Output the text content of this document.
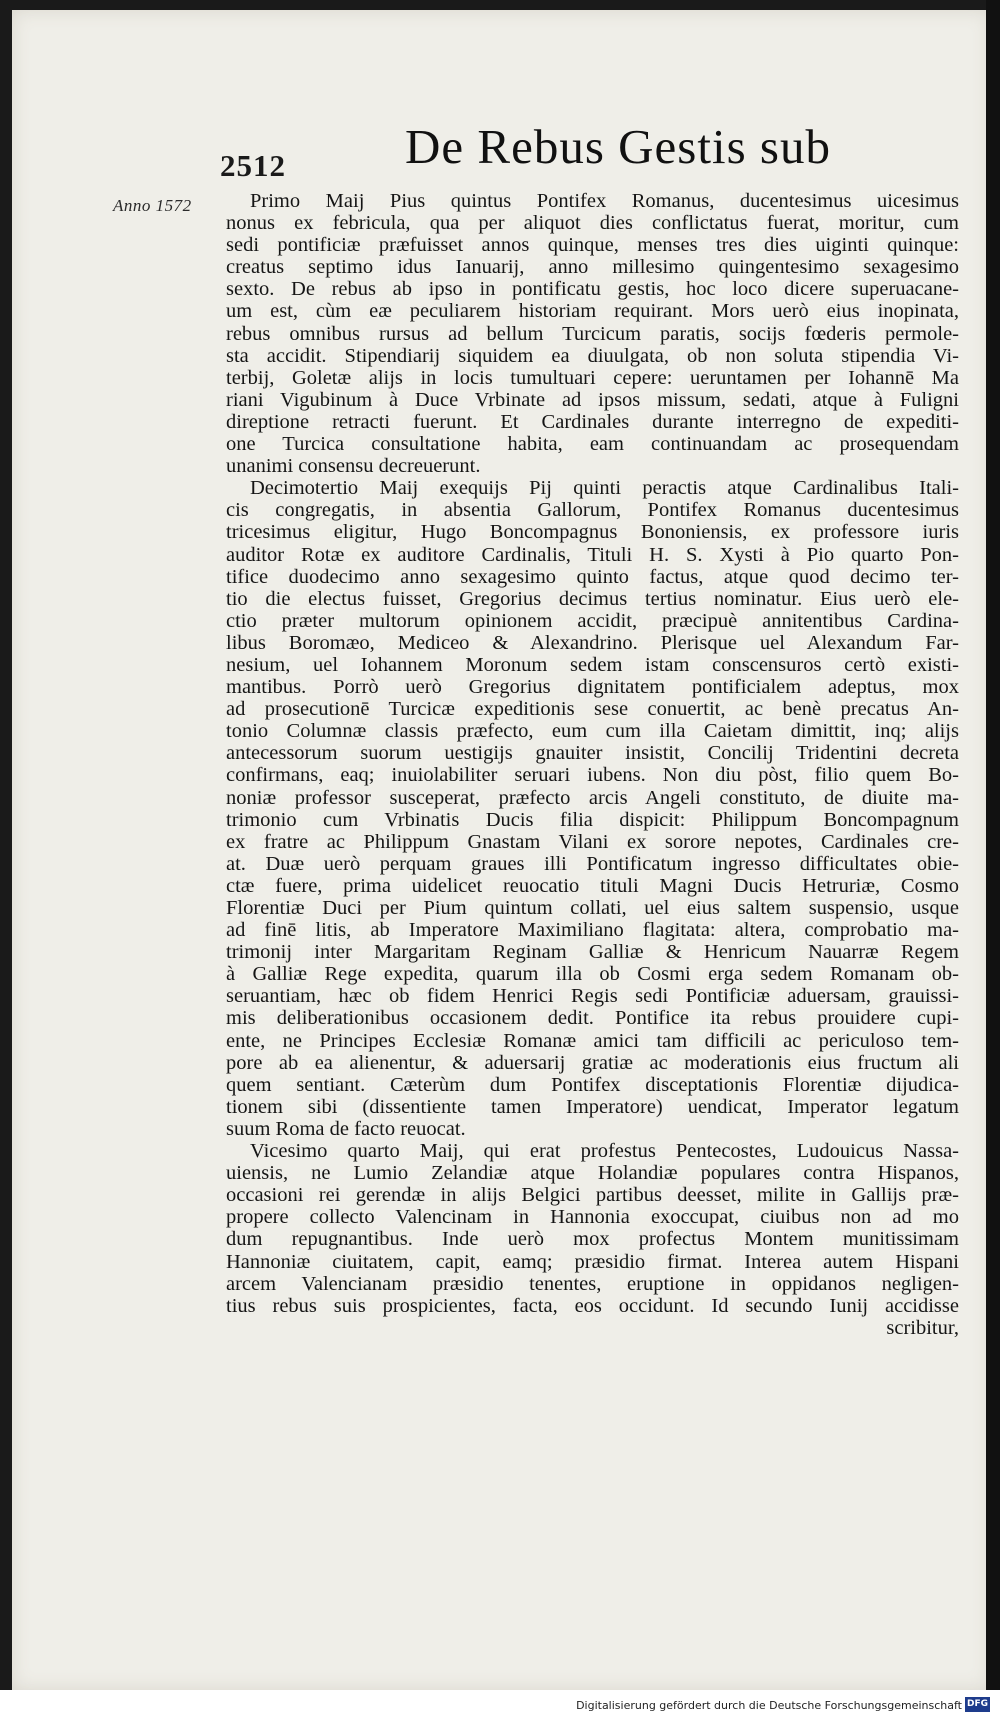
2512 De Rebus Gestis sub
Anno 1572	Primo Maij Pius quintus Pontifex Romanus, ducentesimus uicesimus
nonus ex febricula, qua per aliquot dies conflictatus fuerat, moritur, cum
sedi pontificiæ præfuisset annos quinque, menses tres dies uiginti quinque:
creatus septimo idus Ianuarij, anno millesimo quingentesimo sexagesimo
sexto. De rebus ab ipso in pontificatu gestis, hoc loco dicere superuacane-
um est, cùm eæ peculiarem historiam requirant. Mors uerò eius inopinata,
rebus omnibus rursus ad bellum Turcicum paratis, socijs fœderis permole-
sta accidit. Stipendiarij siquidem ea diuulgata, ob non soluta stipendia Vi-
terbij, Goletæ alijs in locis tumultuari cepere: ueruntamen per Iohannē Ma
riani Vigubinum à Duce Vrbinate ad ipsos missum, sedati, atque à Fuligni
direptione retracti fuerunt. Et Cardinales durante interregno de expediti-
one Turcica consultatione habita, eam continuandam ac prosequendam
unanimi consensu decreuerunt.
Decimotertio Maij exequijs Pij quinti peractis atque Cardinalibus Itali-
cis congregatis, in absentia Gallorum, Pontifex Romanus ducentesimus
tricesimus eligitur, Hugo Boncompagnus Bononiensis, ex professore iuris
auditor Rotæ ex auditore Cardinalis, Tituli H. S. Xysti à Pio quarto Pon-
tifice duodecimo anno sexagesimo quinto factus, atque quod decimo ter-
tio die electus fuisset, Gregorius decimus tertius nominatur. Eius uerò ele-
ctio præter multorum opinionem accidit, præcipuè annitentibus Cardina-
libus Boromæo, Mediceo & Alexandrino. Plerisque uel Alexandum Far-
nesium, uel Iohannem Moronum sedem istam conscensuros certò existi-
mantibus. Porrò uerò Gregorius dignitatem pontificialem adeptus, mox
ad prosecutionē Turcicæ expeditionis sese conuertit, ac benè precatus An-
tonio Columnæ classis præfecto, eum cum illa Caietam dimittit, inq; alijs
antecessorum suorum uestigijs gnauiter insistit, Concilij Tridentini decreta
confirmans, eaq; inuiolabiliter seruari iubens. Non diu pòst, filio quem Bo-
noniæ professor susceperat, præfecto arcis Angeli constituto, de diuite ma-
trimonio cum Vrbinatis Ducis filia dispicit: Philippum Boncompagnum
ex fratre ac Philippum Gnastam Vilani ex sorore nepotes, Cardinales cre-
at. Duæ uerò perquam graues illi Pontificatum ingresso difficultates obie-
ctæ fuere, prima uidelicet reuocatio tituli Magni Ducis Hetruriæ, Cosmo
Florentiæ Duci per Pium quintum collati, uel eius saltem suspensio, usque
ad finē litis, ab Imperatore Maximiliano flagitata: altera, comprobatio ma-
trimonij inter Margaritam Reginam Galliæ & Henricum Nauarræ Regem
à Galliæ Rege expedita, quarum illa ob Cosmi erga sedem Romanam ob-
seruantiam, hæc ob fidem Henrici Regis sedi Pontificiæ aduersam, grauissi-
mis deliberationibus occasionem dedit. Pontifice ita rebus prouidere cupi-
ente, ne Principes Ecclesiæ Romanæ amici tam difficili ac periculoso tem-
pore ab ea alienentur, & aduersarij gratiæ ac moderationis eius fructum ali
quem sentiant. Cæterùm dum Pontifex disceptationis Florentiæ dijudica-
tionem sibi (dissentiente tamen Imperatore) uendicat, Imperator legatum
suum Roma de facto reuocat.
Vicesimo quarto Maij, qui erat profestus Pentecostes, Ludouicus Nassa-
uiensis, ne Lumio Zelandiæ atque Holandiæ populares contra Hispanos,
occasioni rei gerendæ in alijs Belgici partibus deesset, milite in Gallijs præ-
propere collecto Valencinam in Hannonia exoccupat, ciuibus non ad mo
dum repugnantibus. Inde uerò mox profectus Montem munitissimam
Hannoniæ ciuitatem, capit, eamq; præsidio firmat. Interea autem Hispani
arcem Valencianam præsidio tenentes, eruptione in oppidanos negligen-
tius rebus suis prospicientes, facta, eos occidunt. Id secundo Iunij accidisse
scribitur,
Digitalisierung gefördert durch die Deutsche Forschungsgemeinschaft DFG
